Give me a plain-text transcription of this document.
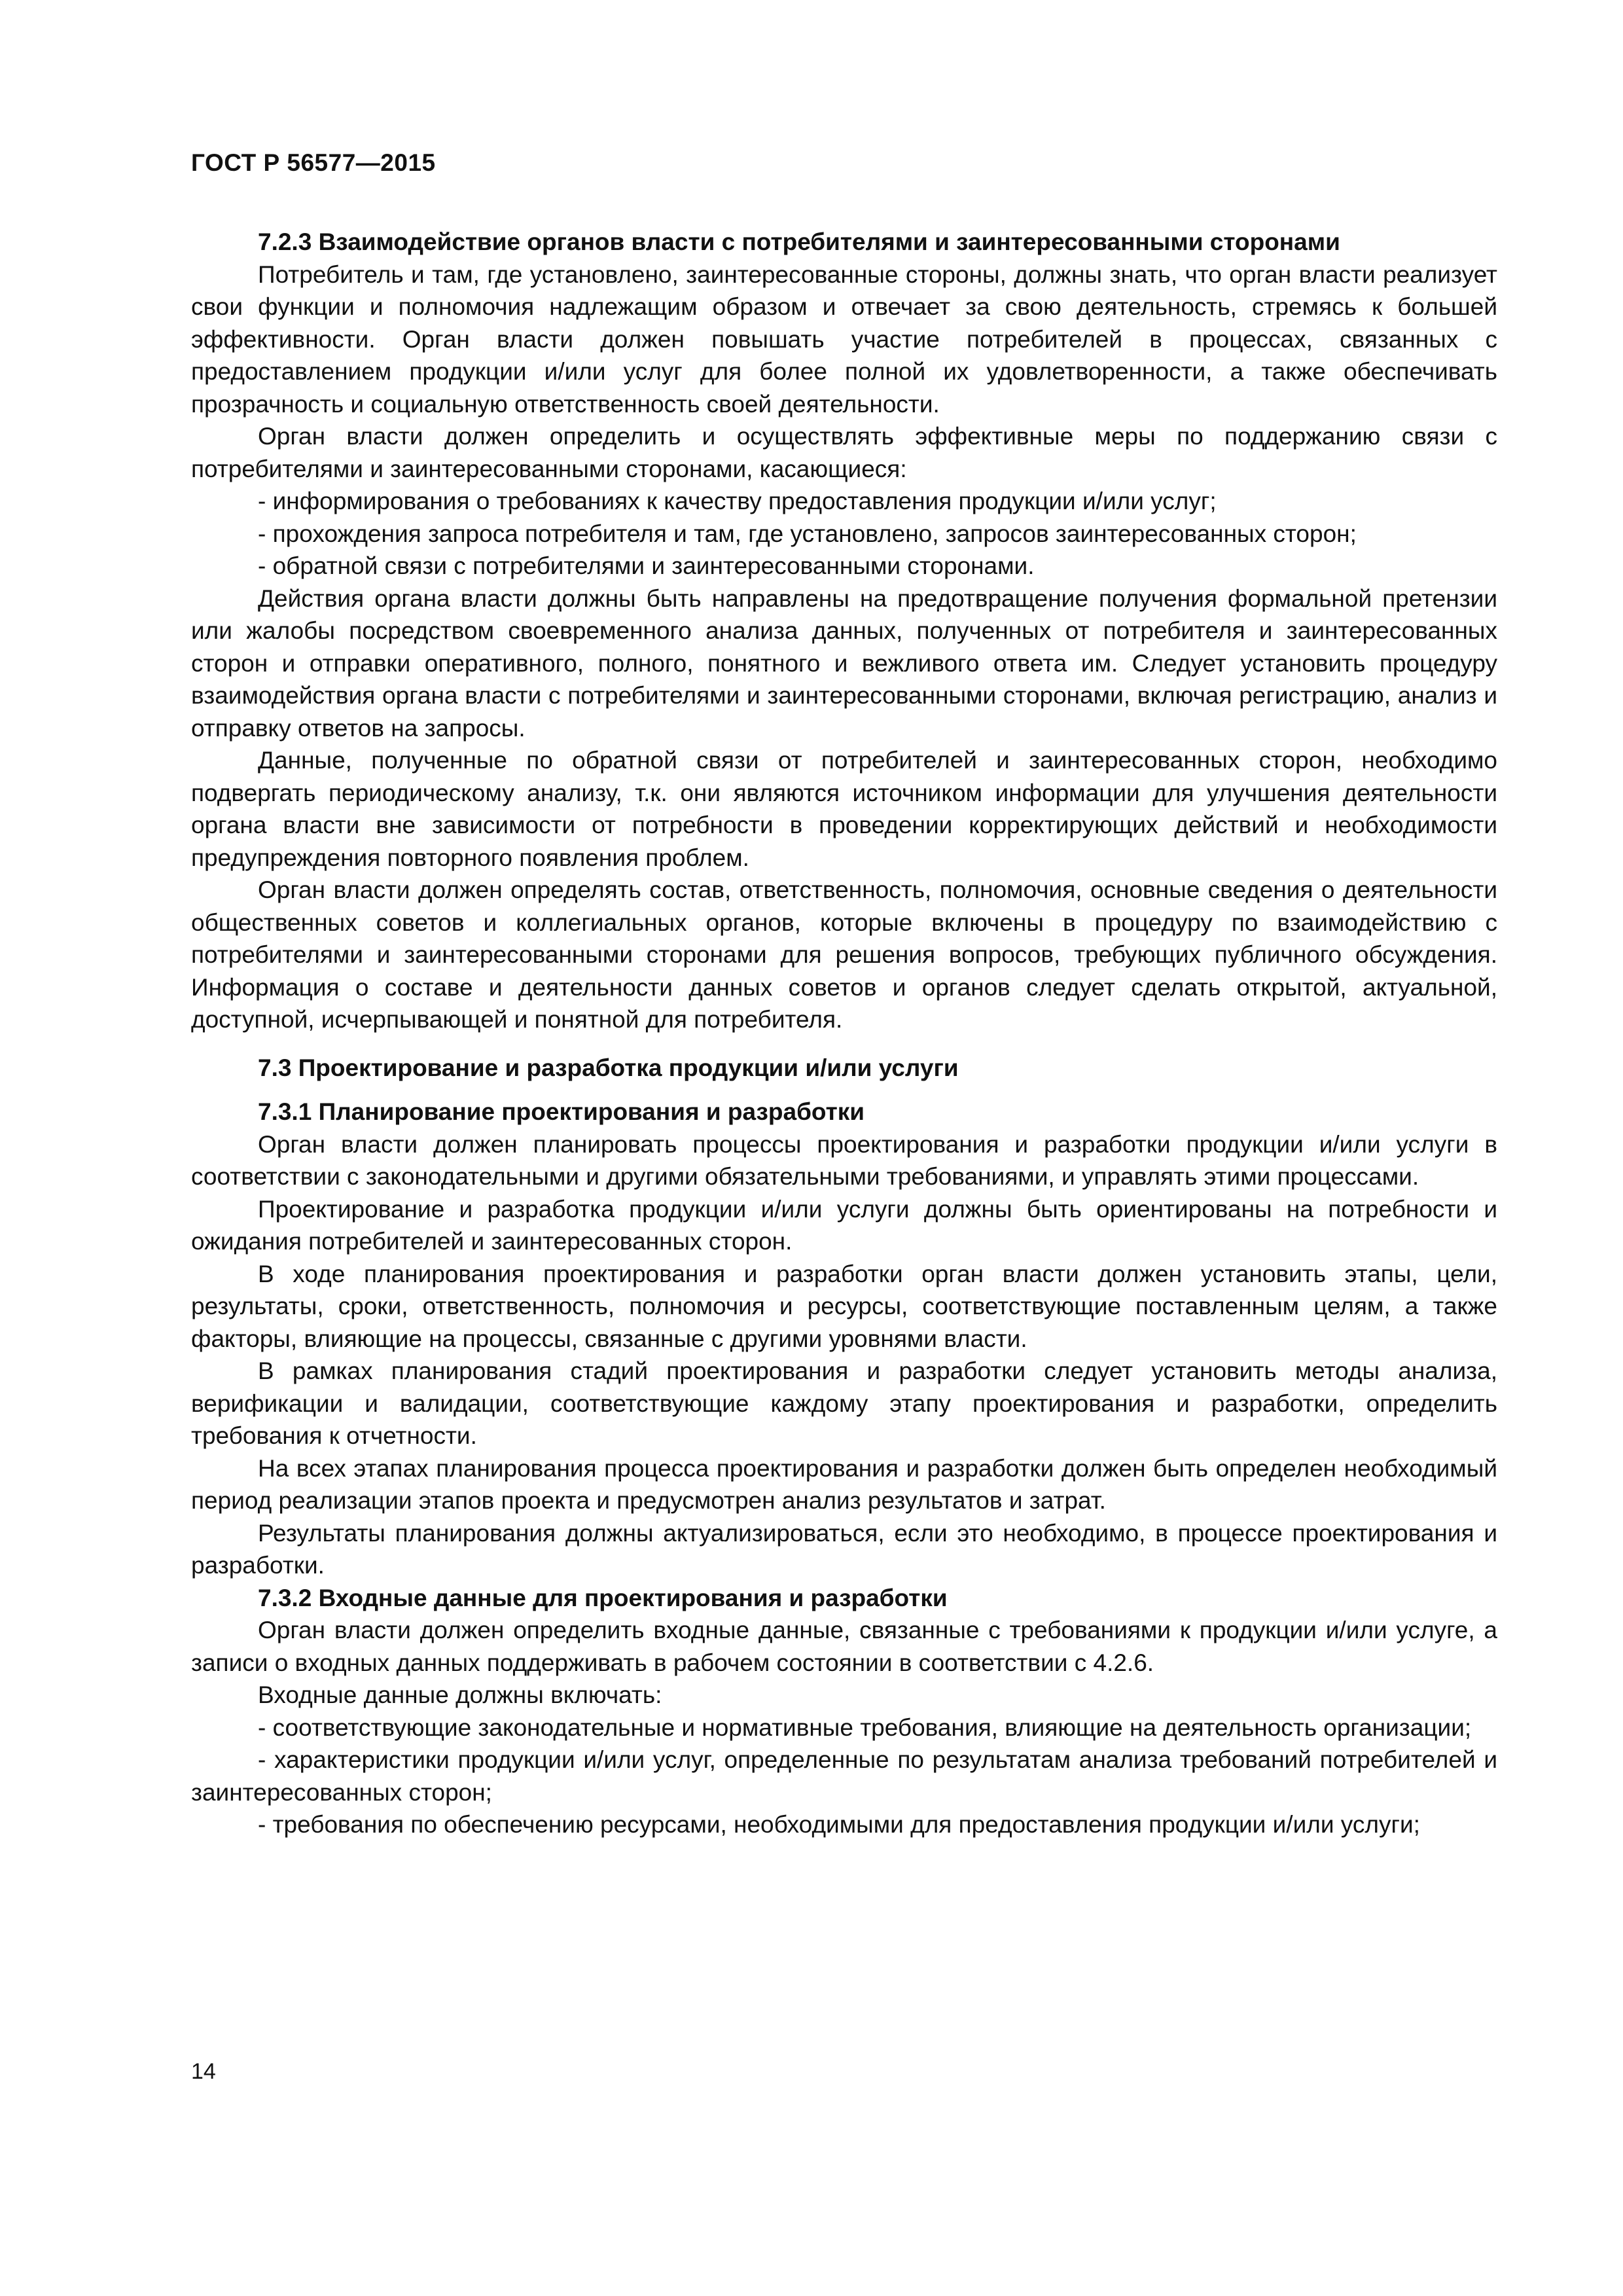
ГОСТ Р 56577—2015

7.2.3 Взаимодействие органов власти с потребителями и заинтересованными сторонами

Потребитель и там, где установлено, заинтересованные стороны, должны знать, что орган власти реализует свои функции и полномочия надлежащим образом и отвечает за свою деятельность, стремясь к большей эффективности. Орган власти должен повышать участие потребителей в процессах, связанных с предоставлением продукции и/или услуг для более полной их удовлетворенности, а также обеспечивать прозрачность и социальную ответственность своей деятельности.

Орган власти должен определить и осуществлять эффективные меры по поддержанию связи с потребителями и заинтересованными сторонами, касающиеся:

- информирования о требованиях к качеству предоставления продукции и/или услуг;

- прохождения запроса потребителя и там, где установлено, запросов заинтересованных сторон;

- обратной связи с потребителями и заинтересованными сторонами.

Действия органа власти должны быть направлены на предотвращение получения формальной претензии или жалобы посредством своевременного анализа данных, полученных от потребителя и заинтересованных сторон и отправки оперативного, полного, понятного и вежливого ответа им. Следует установить процедуру взаимодействия органа власти с потребителями и заинтересованными сторонами, включая регистрацию, анализ и отправку ответов на запросы.

Данные, полученные по обратной связи от потребителей и заинтересованных сторон, необходимо подвергать периодическому анализу, т.к. они являются источником информации для улучшения деятельности органа власти вне зависимости от потребности в проведении корректирующих действий и необходимости предупреждения повторного появления проблем.

Орган власти должен определять состав, ответственность, полномочия, основные сведения о деятельности общественных советов и коллегиальных органов, которые включены в процедуру по взаимодействию с потребителями и заинтересованными сторонами для решения вопросов, требующих публичного обсуждения. Информация о составе и деятельности данных советов и органов следует сделать открытой, актуальной, доступной, исчерпывающей и понятной для потребителя.

7.3 Проектирование и разработка продукции и/или услуги

7.3.1 Планирование проектирования и разработки

Орган власти должен планировать процессы проектирования и разработки продукции и/или услуги в соответствии с законодательными и другими обязательными требованиями, и управлять этими процессами.

Проектирование и разработка продукции и/или услуги должны быть ориентированы на потребности и ожидания потребителей и заинтересованных сторон.

В ходе планирования проектирования и разработки орган власти должен установить этапы, цели, результаты, сроки, ответственность, полномочия и ресурсы, соответствующие поставленным целям, а также факторы, влияющие на процессы, связанные с другими уровнями власти.

В рамках планирования стадий проектирования и разработки следует установить методы анализа, верификации и валидации, соответствующие каждому этапу проектирования и разработки, определить требования к отчетности.

На всех этапах планирования процесса проектирования и разработки должен быть определен необходимый период реализации этапов проекта и предусмотрен анализ результатов и затрат.

Результаты планирования должны актуализироваться, если это необходимо, в процессе проектирования и разработки.

7.3.2 Входные данные для проектирования и разработки

Орган власти должен определить входные данные, связанные с требованиями к продукции и/или услуге, а записи о входных данных поддерживать в рабочем состоянии в соответствии с 4.2.6.

Входные данные должны включать:

- соответствующие законодательные и нормативные требования, влияющие на деятельность организации;

- характеристики продукции и/или услуг, определенные по результатам анализа требований потребителей и заинтересованных сторон;

- требования по обеспечению ресурсами, необходимыми для предоставления продукции и/или услуги;

14
